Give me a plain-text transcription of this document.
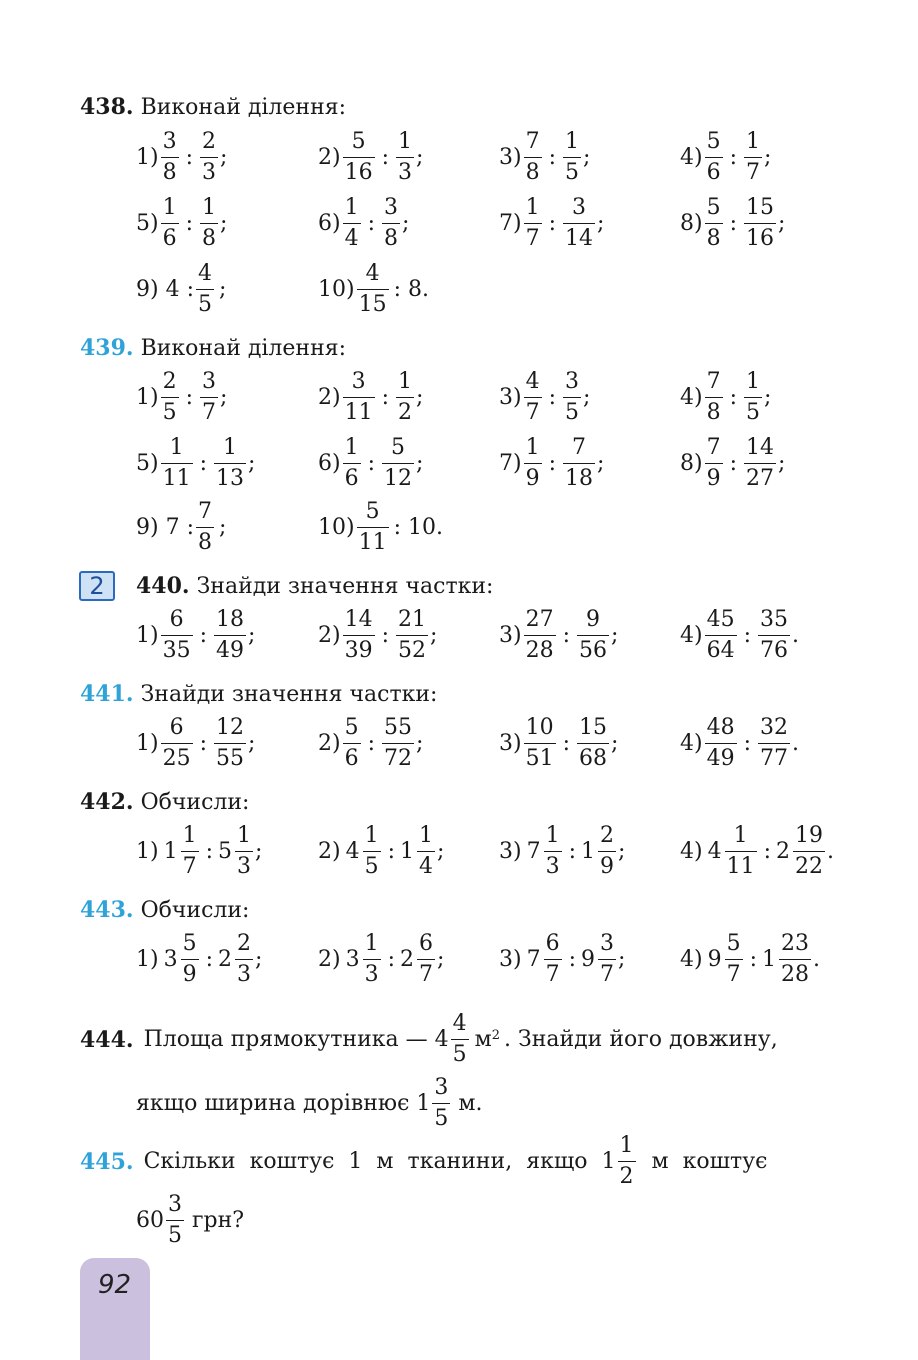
438. Виконай ділення:
1)
3
8
:
2
3
;	2)
5
16
:
1
3
;	3)
7
8
:
1
5
;	4)
5
6
:
1
7
;
5)
1
6
:
1
8
;	6)
1
4
:
3
8
;	7)
1
7
:
3
14
;	8)
5
8
:
15
16
;
9) 4 :
4
5
;	10)
4
15
: 8.
439. Виконай ділення:
1)
2
5
:
3
7
;	2)
3
11
:
1
2
;	3)
4
7
:
3
5
;	4)
7
8
:
1
5
;
5)
1
11
:
1
13
;	6)
1
6
:
5
12
;	7)
1
9
:
7
18
;	8)
7
9
:
14
27
;
9) 7 :
7
8
;	10)
5
11
: 10.
2	440. Знайди значення частки:
1)
6
35
:
18
49
;	2)
14
39
:
21
52
;	3)
27
28
:
9
56
;	4)
45
64
:
35
76
.
441. Знайди значення частки:
1)
6
25
:
12
55
;	2)
5
6
:
55
72
;	3)
10
51
:
15
68
;	4)
48
49
:
32
77
.
442. Обчисли:
1) 1
1
7
: 5
1
3
;	2) 4
1
5
: 1
1
4
; 3) 7
1
3
: 1
2
9
; 4) 4
1
11
: 2
19
22
.
443. Обчисли:
1) 3
5
9
: 2
2
3
;	2) 3
1
3
: 2
6
7
; 3) 7
6
7
: 9
3
7
; 4) 9
5
7
: 1
23
28
.
444. Площа прямокутника — 4
4
5
$м^2$ . Знайди його довжину,
якщо ширина дорівнює 1
3
5
м.
445. Скільки  коштує  1  м  тканини,  якщо  1
1
2
м  коштує
60
3
5
грн?
92
